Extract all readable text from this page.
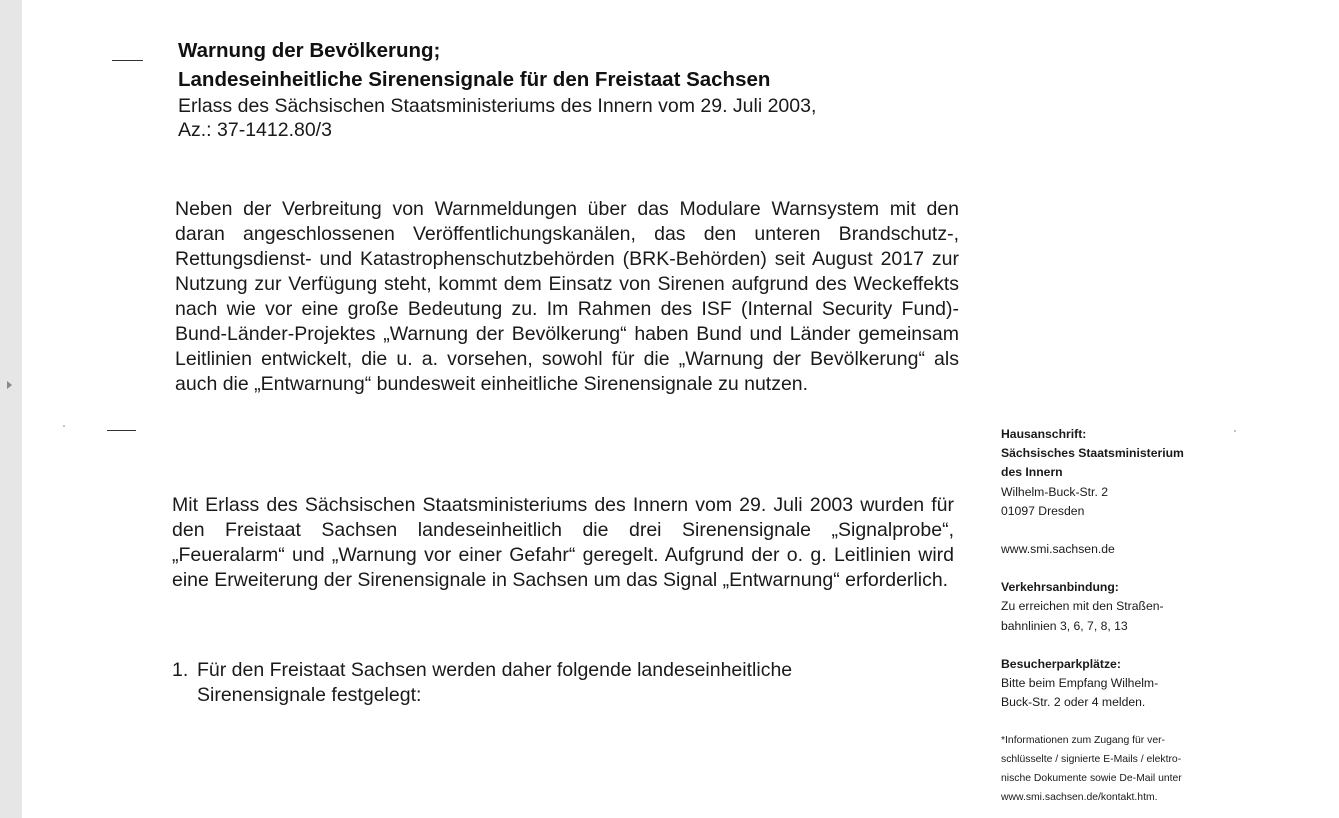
Warnung der Bevölkerung;
Landeseinheitliche Sirenensignale für den Freistaat Sachsen
Erlass des Sächsischen Staatsministeriums des Innern vom 29. Juli 2003,
Az.: 37-1412.80/3
Neben der Verbreitung von Warnmeldungen über das Modulare Warnsystem mit den daran angeschlossenen Veröffentlichungskanälen, das den unteren Brandschutz-, Rettungsdienst- und Katastrophenschutzbehörden (BRK-Behörden) seit August 2017 zur Nutzung zur Verfügung steht, kommt dem Einsatz von Sirenen aufgrund des Weckeffekts nach wie vor eine große Bedeutung zu. Im Rahmen des ISF (Internal Security Fund)-Bund-Länder-Projektes „Warnung der Bevölkerung“ haben Bund und Länder gemeinsam Leitlinien entwickelt, die u. a. vorsehen, sowohl für die „Warnung der Bevölkerung“ als auch die „Entwarnung“ bundesweit einheitliche Sirenensignale zu nutzen.
Mit Erlass des Sächsischen Staatsministeriums des Innern vom 29. Juli 2003 wurden für den Freistaat Sachsen landeseinheitlich die drei Sirenensignale „Signalprobe“, „Feueralarm“ und „Warnung vor einer Gefahr“ geregelt. Aufgrund der o. g. Leitlinien wird eine Erweiterung der Sirenensignale in Sachsen um das Signal „Entwarnung“ erforderlich.
1. Für den Freistaat Sachsen werden daher folgende landeseinheitliche
Sirenensignale festgelegt:
Hausanschrift:
Sächsisches Staatsministerium
des Innern
Wilhelm-Buck-Str. 2
01097 Dresden
www.smi.sachsen.de
Verkehrsanbindung:
Zu erreichen mit den Straßen-
bahnlinien 3, 6, 7, 8, 13
Besucherparkplätze:
Bitte beim Empfang Wilhelm-
Buck-Str. 2 oder 4 melden.
*Informationen zum Zugang für ver-
schlüsselte / signierte E-Mails / elektro-
nische Dokumente sowie De-Mail unter
www.smi.sachsen.de/kontakt.htm.
